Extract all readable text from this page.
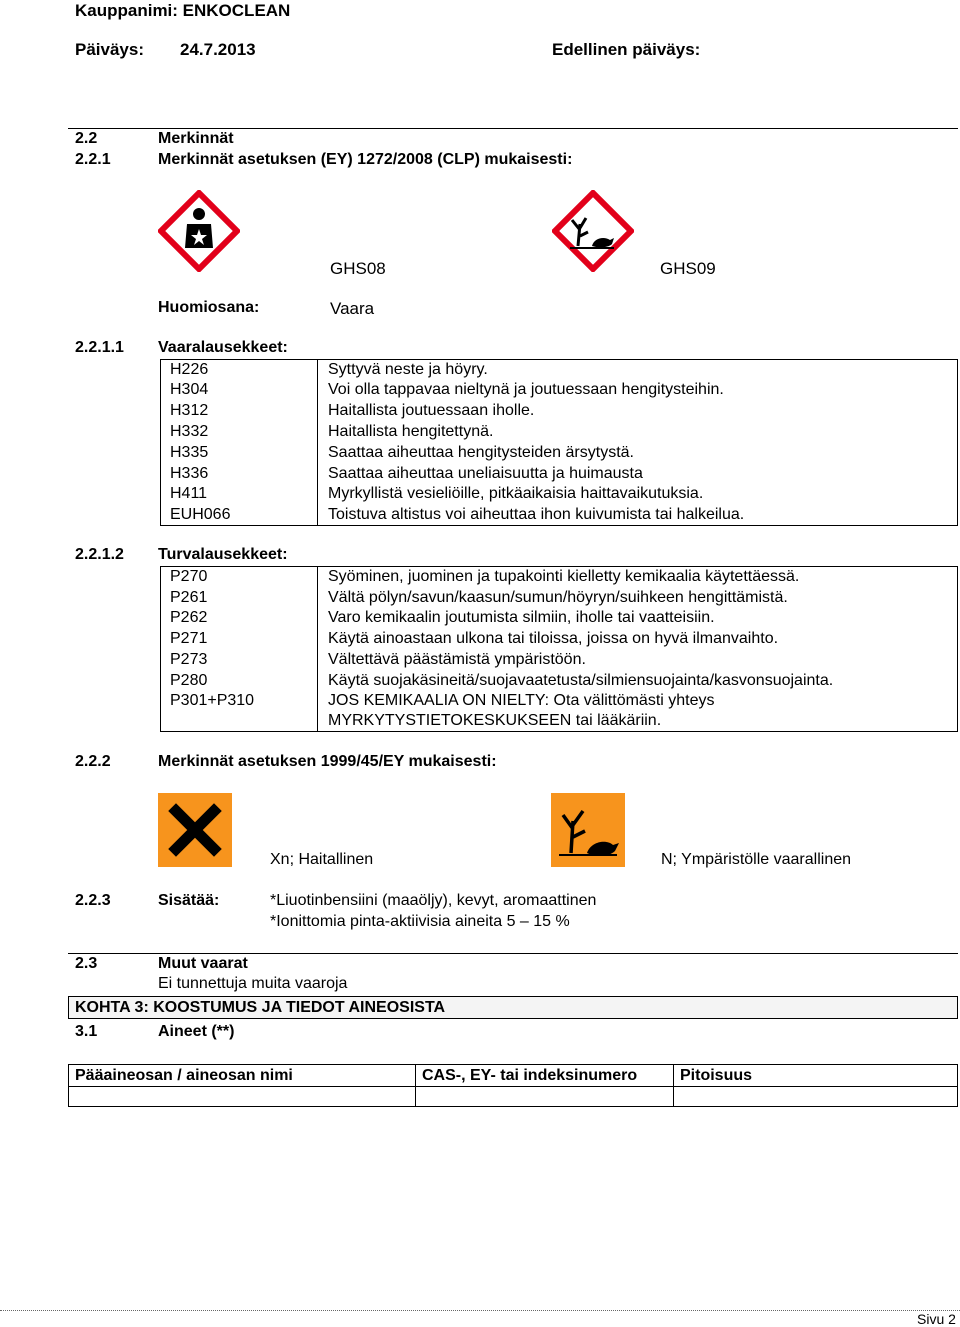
Kauppanimi: ENKOCLEAN
Päiväys: 24.7.2013	Edellinen päiväys:
2.2	Merkinnät
2.2.1	Merkinnät asetuksen (EY) 1272/2008 (CLP) mukaisesti:
GHS08	GHS09
Huomiosana:	Vaara
2.2.1.1 Vaaralausekkeet:
H226	Syttyvä neste ja höyry.
H304	Voi olla tappavaa nieltynä ja joutuessaan hengitysteihin.
H312	Haitallista joutuessaan iholle.
H332	Haitallista hengitettynä.
H335	Saattaa aiheuttaa hengitysteiden ärsytystä.
H336	Saattaa aiheuttaa uneliaisuutta ja huimausta
H411	Myrkyllistä vesieliöille, pitkäaikaisia haittavaikutuksia.
EUH066	Toistuva altistus voi aiheuttaa ihon kuivumista tai halkeilua.
2.2.1.2 Turvalausekkeet:
P270	Syöminen, juominen ja tupakointi kielletty kemikaalia käytettäessä.
P261	Vältä pölyn/savun/kaasun/sumun/höyryn/suihkeen hengittämistä.
P262	Varo kemikaalin joutumista silmiin, iholle tai vaatteisiin.
P271	Käytä ainoastaan ulkona tai tiloissa, joissa on hyvä ilmanvaihto.
P273	Vältettävä päästämistä ympäristöön.
P280	Käytä suojakäsineitä/suojavaatetusta/silmiensuojainta/kasvonsuojainta.
P301+P310	JOS KEMIKAALIA ON NIELTY: Ota välittömästi yhteys
MYRKYTYSTIETOKESKUKSEEN tai lääkäriin.
2.2.2	Merkinnät asetuksen 1999/45/EY mukaisesti:
Xn; Haitallinen	N; Ympäristölle vaarallinen
2.2.3	Sisätää:	*Liuotinbensiini (maaöljy), kevyt, aromaattinen
*Ionittomia pinta-aktiivisia aineita 5 – 15 %
2.3	Muut vaarat
Ei tunnettuja muita vaaroja
KOHTA 3: KOOSTUMUS JA TIEDOT AINEOSISTA
3.1	Aineet (**)
Pääaineosan / aineosan nimi	CAS-, EY- tai indeksinumero	Pitoisuus
Sivu 2
